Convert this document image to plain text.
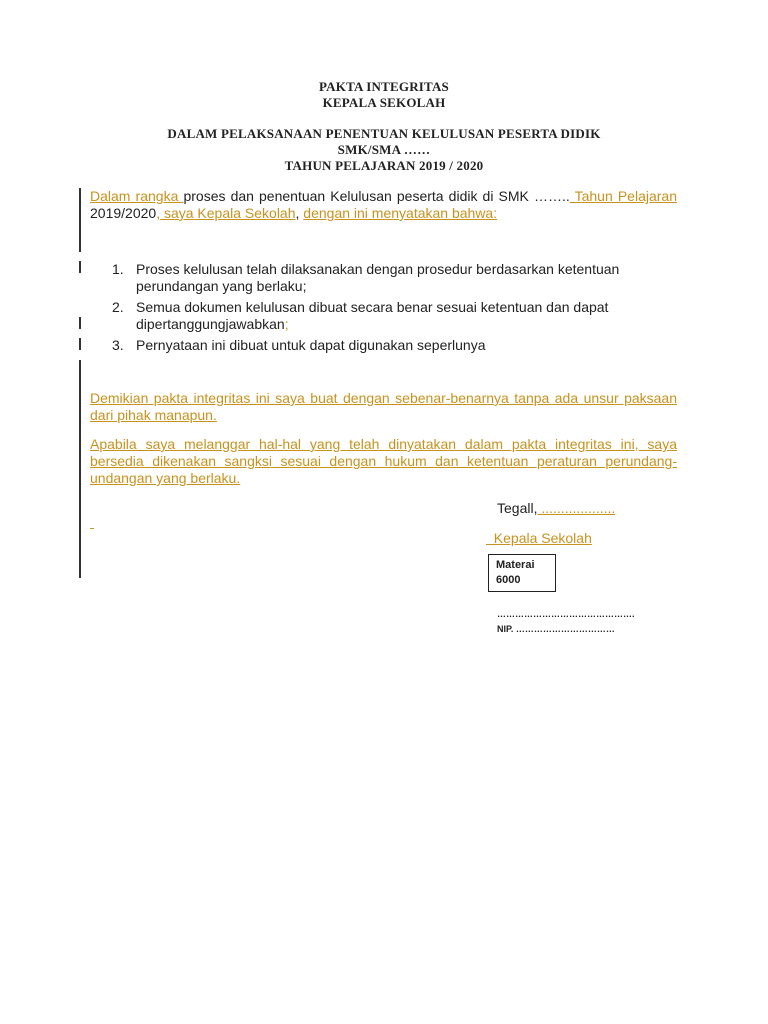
PAKTA INTEGRITAS
KEPALA SEKOLAH
DALAM PELAKSANAAN PENENTUAN KELULUSAN PESERTA DIDIK
SMK/SMA ……
TAHUN PELAJARAN 2019 / 2020
Dalam rangka proses dan penentuan Kelulusan peserta didik di SMK …….. Tahun Pelajaran 2019/2020, saya Kepala Sekolah, dengan ini menyatakan bahwa:
1. Proses kelulusan telah dilaksanakan dengan prosedur berdasarkan ketentuan perundangan yang berlaku;
2. Semua dokumen kelulusan dibuat secara benar sesuai ketentuan dan dapat dipertanggungjawabkan;
3. Pernyataan ini dibuat untuk dapat digunakan seperlunya
Demikian pakta integritas ini saya buat dengan sebenar-benarnya tanpa ada unsur paksaan dari pihak manapun.
Apabila saya melanggar hal-hal yang telah dinyatakan dalam pakta integritas ini, saya bersedia dikenakan sangksi sesuai dengan hukum dan ketentuan peraturan perundang-undangan yang berlaku.
Tegall, ...................

Kepala Sekolah
Materai
6000
……………………………………….
NIP. ……………………………
